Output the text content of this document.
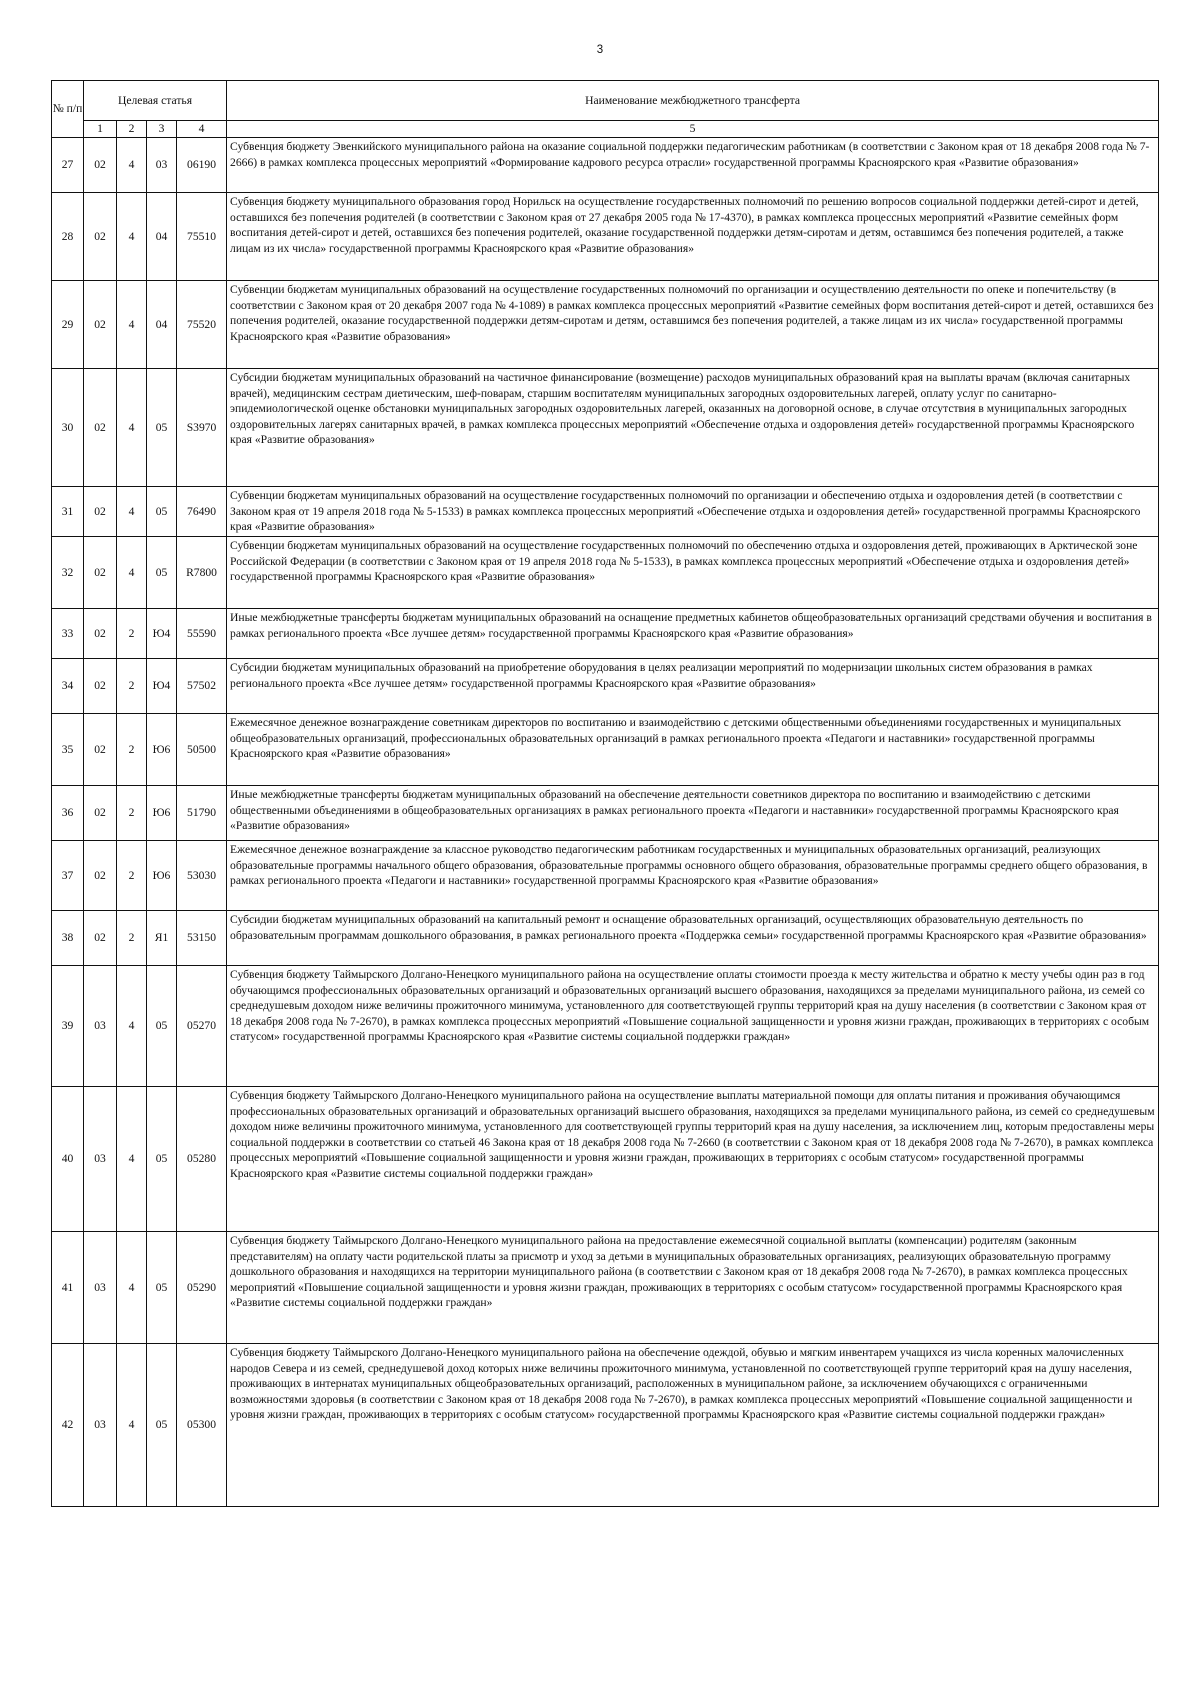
3
№ п/п	Целевая статья				Наименование межбюджетного трансферта
	1	2	3	4	5
27	02	4	03	06190	Субвенция бюджету Эвенкийского муниципального района на оказание социальной поддержки педагогическим работникам (в соответствии с Законом края от 18 декабря 2008 года № 7-2666) в рамках комплекса процессных мероприятий «Формирование кадрового ресурса отрасли» государственной программы Красноярского края «Развитие образования»
28	02	4	04	75510	Субвенция бюджету муниципального образования город Норильск на осуществление государственных полномочий по решению вопросов социальной поддержки детей-сирот и детей, оставшихся без попечения родителей (в соответствии с Законом края от 27 декабря 2005 года № 17-4370), в рамках комплекса процессных мероприятий «Развитие семейных форм воспитания детей-сирот и детей, оставшихся без попечения родителей, оказание государственной поддержки детям-сиротам и детям, оставшимся без попечения родителей, а также лицам из их числа» государственной программы Красноярского края «Развитие образования»
29	02	4	04	75520	Субвенции бюджетам муниципальных образований на осуществление государственных полномочий по организации и осуществлению деятельности по опеке и попечительству (в соответствии с Законом края от 20 декабря 2007 года № 4-1089) в рамках комплекса процессных мероприятий «Развитие семейных форм воспитания детей-сирот и детей, оставшихся без попечения родителей, оказание государственной поддержки детям-сиротам и детям, оставшимся без попечения родителей, а также лицам из их числа» государственной программы Красноярского края «Развитие образования»
30	02	4	05	S3970	Субсидии бюджетам муниципальных образований на частичное финансирование (возмещение) расходов муниципальных образований края на выплаты врачам (включая санитарных врачей), медицинским сестрам диетическим, шеф-поварам, старшим воспитателям муниципальных загородных оздоровительных лагерей, оплату услуг по санитарно-эпидемиологической оценке обстановки муниципальных загородных оздоровительных лагерей, оказанных на договорной основе, в случае отсутствия в муниципальных загородных оздоровительных лагерях санитарных врачей, в рамках комплекса процессных мероприятий «Обеспечение отдыха и оздоровления детей» государственной программы Красноярского края «Развитие образования»
31	02	4	05	76490	Субвенции бюджетам муниципальных образований на осуществление государственных полномочий по организации и обеспечению отдыха и оздоровления детей (в соответствии с Законом края от 19 апреля 2018 года № 5-1533) в рамках комплекса процессных мероприятий «Обеспечение отдыха и оздоровления детей» государственной программы Красноярского края «Развитие образования»
32	02	4	05	R7800	Субвенции бюджетам муниципальных образований на осуществление государственных полномочий по обеспечению отдыха и оздоровления детей, проживающих в Арктической зоне Российской Федерации (в соответствии с Законом края от 19 апреля 2018 года № 5-1533), в рамках комплекса процессных мероприятий «Обеспечение отдыха и оздоровления детей» государственной программы Красноярского края «Развитие образования»
33	02	2	Ю4	55590	Иные межбюджетные трансферты бюджетам муниципальных образований на оснащение предметных кабинетов общеобразовательных организаций средствами обучения и воспитания в рамках регионального проекта «Все лучшее детям» государственной программы Красноярского края «Развитие образования»
34	02	2	Ю4	57502	Субсидии бюджетам муниципальных образований на приобретение оборудования в целях реализации мероприятий по модернизации школьных систем образования в рамках регионального проекта «Все лучшее детям» государственной программы Красноярского края «Развитие образования»
35	02	2	Ю6	50500	Ежемесячное денежное вознаграждение советникам директоров по воспитанию и взаимодействию с детскими общественными объединениями государственных и муниципальных общеобразовательных организаций, профессиональных образовательных организаций в рамках регионального проекта «Педагоги и наставники» государственной программы Красноярского края «Развитие образования»
36	02	2	Ю6	51790	Иные межбюджетные трансферты бюджетам муниципальных образований на обеспечение деятельности советников директора по воспитанию и взаимодействию с детскими общественными объединениями в общеобразовательных организациях в рамках регионального проекта «Педагоги и наставники» государственной программы Красноярского края «Развитие образования»
37	02	2	Ю6	53030	Ежемесячное денежное вознаграждение за классное руководство педагогическим работникам государственных и муниципальных образовательных организаций, реализующих образовательные программы начального общего образования, образовательные программы основного общего образования, образовательные программы среднего общего образования, в рамках регионального проекта «Педагоги и наставники» государственной программы Красноярского края «Развитие образования»
38	02	2	Я1	53150	Субсидии бюджетам муниципальных образований на капитальный ремонт и оснащение образовательных организаций, осуществляющих образовательную деятельность по образовательным программам дошкольного образования, в рамках регионального проекта «Поддержка семьи» государственной программы Красноярского края «Развитие образования»
39	03	4	05	05270	Субвенция бюджету Таймырского Долгано-Ненецкого муниципального района на осуществление оплаты стоимости проезда к месту жительства и обратно к месту учебы один раз в год обучающимся профессиональных образовательных организаций и образовательных организаций высшего образования, находящихся за пределами муниципального района, из семей со среднедушевым доходом ниже величины прожиточного минимума, установленного для соответствующей группы территорий края на душу населения (в соответствии с Законом края от 18 декабря 2008 года № 7-2670), в рамках комплекса процессных мероприятий «Повышение социальной защищенности и уровня жизни граждан, проживающих в территориях с особым статусом» государственной программы Красноярского края «Развитие системы социальной поддержки граждан»
40	03	4	05	05280	Субвенция бюджету Таймырского Долгано-Ненецкого муниципального района на осуществление выплаты материальной помощи для оплаты питания и проживания обучающимся профессиональных образовательных организаций и образовательных организаций высшего образования, находящихся за пределами муниципального района, из семей со среднедушевым доходом ниже величины прожиточного минимума, установленного для соответствующей группы территорий края на душу населения, за исключением лиц, которым предоставлены меры социальной поддержки в соответствии со статьей 46 Закона края от 18 декабря 2008 года № 7-2660 (в соответствии с Законом края от 18 декабря 2008 года № 7-2670), в рамках комплекса процессных мероприятий «Повышение социальной защищенности и уровня жизни граждан, проживающих в территориях с особым статусом» государственной программы Красноярского края «Развитие системы социальной поддержки граждан»
41	03	4	05	05290	Субвенция бюджету Таймырского Долгано-Ненецкого муниципального района на предоставление ежемесячной социальной выплаты (компенсации) родителям (законным представителям) на оплату части родительской платы за присмотр и уход за детьми в муниципальных образовательных организациях, реализующих образовательную программу дошкольного образования и находящихся на территории муниципального района (в соответствии с Законом края от 18 декабря 2008 года № 7-2670), в рамках комплекса процессных мероприятий «Повышение социальной защищенности и уровня жизни граждан, проживающих в территориях с особым статусом» государственной программы Красноярского края «Развитие системы социальной поддержки граждан»
42	03	4	05	05300	Субвенция бюджету Таймырского Долгано-Ненецкого муниципального района на обеспечение одеждой, обувью и мягким инвентарем учащихся из числа коренных малочисленных народов Севера и из семей, среднедушевой доход которых ниже величины прожиточного минимума, установленной по соответствующей группе территорий края на душу населения, проживающих в интернатах муниципальных общеобразовательных организаций, расположенных в муниципальном районе, за исключением обучающихся с ограниченными возможностями здоровья (в соответствии с Законом края от 18 декабря 2008 года № 7-2670), в рамках комплекса процессных мероприятий «Повышение социальной защищенности и уровня жизни граждан, проживающих в территориях с особым статусом» государственной программы Красноярского края «Развитие системы социальной поддержки граждан»
